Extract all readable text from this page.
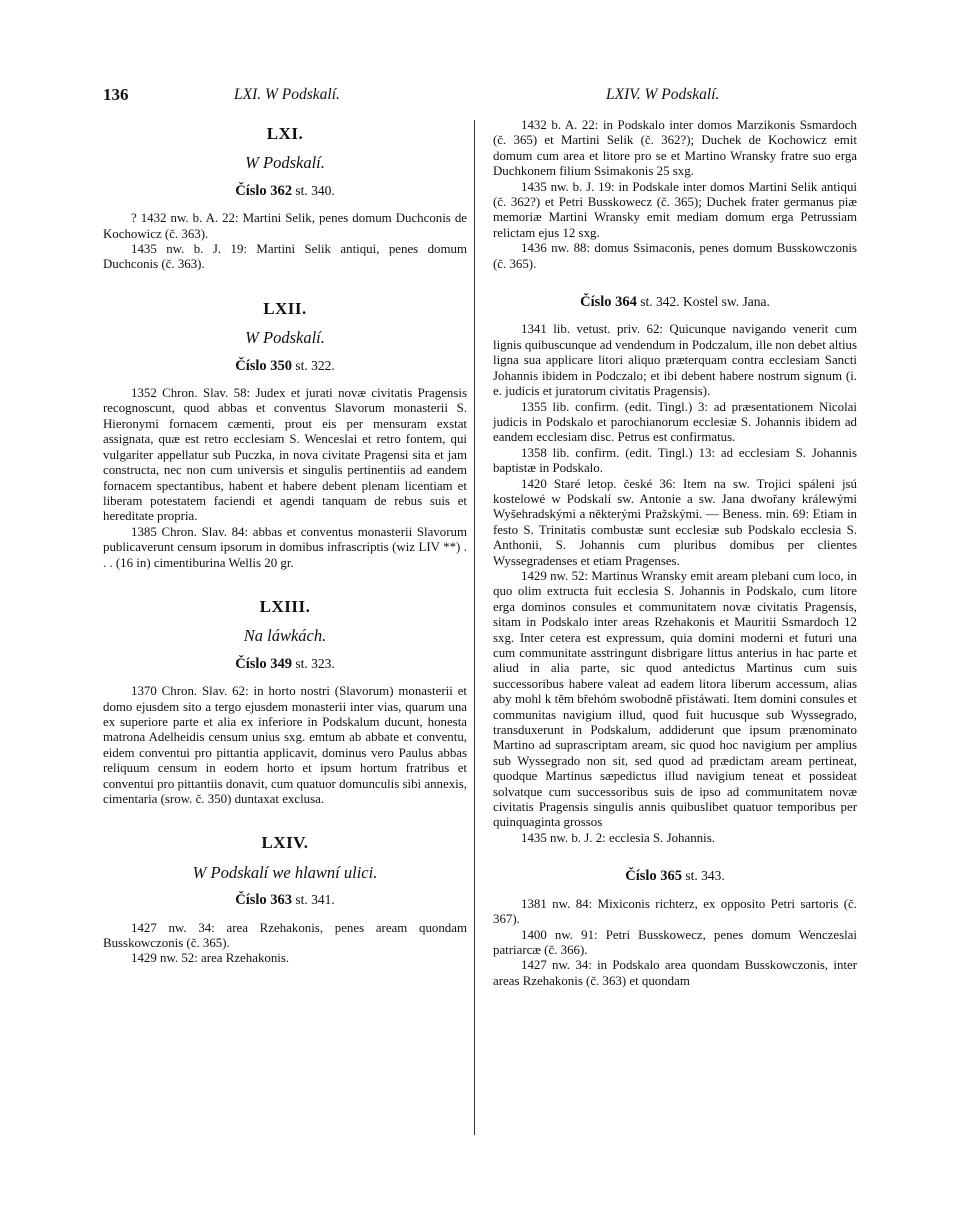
136	LXI. W Podskalí.	LXIV. W Podskalí.
LXI.
W Podskalí.
Číslo 362 st. 340.

? 1432 nw. b. A. 22: Martini Selik, penes domum Duchconis de Kochowicz (č. 363).

1435 nw. b. J. 19: Martini Selik antiqui, penes domum Duchconis (č. 363).

LXII.
W Podskalí.
Číslo 350 st. 322.

1352 Chron. Slav. 58: Judex et jurati novæ civitatis Pragensis recognoscunt, quod abbas et conventus Slavorum monasterii S. Hieronymi fornacem cæmenti, prout eis per mensuram exstat assignata, quæ est retro ecclesiam S. Wenceslai et retro fontem, qui vulgariter appellatur sub Puczka, in nova civitate Pragensi sita et jam constructa, nec non cum universis et singulis pertinentiis ad eandem fornacem spectantibus, habent et habere debent plenam licentiam et liberam potestatem faciendi et agendi tanquam de rebus suis et hereditate propria.

1385 Chron. Slav. 84: abbas et conventus monasterii Slavorum publicaverunt censum ipsorum in domibus infrascriptis (wiz LIV **) . . . (16 in) cimentiburina Wellis 20 gr.

LXIII.
Na láwkách.
Číslo 349 st. 323.

1370 Chron. Slav. 62: in horto nostri (Slavorum) monasterii et domo ejusdem sito a tergo ejusdem monasterii inter vias, quarum una ex superiore parte et alia ex inferiore in Podskalum ducunt, honesta matrona Adelheidis censum unius sxg. emtum ab abbate et conventu, eidem conventui pro pittantia applicavit, dominus vero Paulus abbas reliquum censum in eodem horto et ipsum hortum fratribus et conventui pro pittantiis donavit, cum quatuor domunculis sibi annexis, cimentaria (srow. č. 350) duntaxat exclusa.

LXIV.
W Podskalí we hlawní ulici.
Číslo 363 st. 341.

1427 nw. 34: area Rzehakonis, penes aream quondam Busskowczonis (č. 365).

1429 nw. 52: area Rzehakonis.

1432 b. A. 22: in Podskalo inter domos Marzikonis Ssmardoch (č. 365) et Martini Selik (č. 362?); Duchek de Kochowicz emit domum cum area et litore pro se et Martino Wransky fratre suo erga Duchkonem filium Ssimakonis 25 sxg.

1435 nw. b. J. 19: in Podskale inter domos Martini Selik antiqui (č. 362?) et Petri Busskowecz (č. 365); Duchek frater germanus piæ memoriæ Martini Wransky emit mediam domum erga Petrussiam relictam ejus 12 sxg.

1436 nw. 88: domus Ssimaconis, penes domum Busskowczonis (č. 365).

Číslo 364 st. 342. Kostel sw. Jana.

1341 lib. vetust. priv. 62: Quicunque navigando venerit cum lignis quibuscunque ad vendendum in Podczalum, ille non debet altius ligna sua applicare litori aliquo præterquam contra ecclesiam Sancti Johannis ibidem in Podczalo; et ibi debent habere nostrum signum (i. e. judicis et juratorum civitatis Pragensis).

1355 lib. confirm. (edit. Tingl.) 3: ad præsentationem Nicolai judicis in Podskalo et parochianorum ecclesiæ S. Johannis ibidem ad eandem ecclesiam disc. Petrus est confirmatus.

1358 lib. confirm. (edit. Tingl.) 13: ad ecclesiam S. Johannis baptistæ in Podskalo.

1420 Staré letop. české 36: Item na sw. Trojici spáleni jsú kostelowé w Podskalí sw. Antonie a sw. Jana dwořany králewými Wyšehradskými a některými Pražskými. — Beness. min. 69: Etiam in festo S. Trinitatis combustæ sunt ecclesiæ sub Podskalo ecclesia S. Anthonii, S. Johannis cum pluribus domibus per clientes Wyssegradenses et etiam Pragenses.

1429 nw. 52: Martinus Wransky emit aream plebani cum loco, in quo olim extructa fuit ecclesia S. Johannis in Podskalo, cum litore erga dominos consules et communitatem novæ civitatis Pragensis, sitam in Podskalo inter areas Rzehakonis et Mauritii Ssmardoch 12 sxg. Inter cetera est expressum, quia domini moderni et futuri una cum communitate asstringunt disbrigare littus anterius in hac parte et aliud in alia parte, sic quod antedictus Martinus cum suis successoribus habere valeat ad eadem litora liberum accessum, alias aby mohl k těm břehóm swobodně přistáwati. Item domini consules et communitas navigium illud, quod fuit hucusque sub Wyssegrado, transduxerunt in Podskalum, addiderunt que ipsum prænominato Martino ad suprascriptam aream, sic quod hoc navigium per amplius sub Wyssegrado non sit, sed quod ad prædictam aream pertineat, quodque Martinus sæpedictus illud navigium teneat et possideat solvatque cum successoribus suis de ipso ad communitatem novæ civitatis Pragensis singulis annis quibuslibet quatuor temporibus per quinquaginta grossos

1435 nw. b. J. 2: ecclesia S. Johannis.

Číslo 365 st. 343.

1381 nw. 84: Mixiconis richterz, ex opposito Petri sartoris (č. 367).

1400 nw. 91: Petri Busskowecz, penes domum Wenczeslai patriarcæ (č. 366).

1427 nw. 34: in Podskalo area quondam Busskowczonis, inter areas Rzehakonis (č. 363) et quondam
